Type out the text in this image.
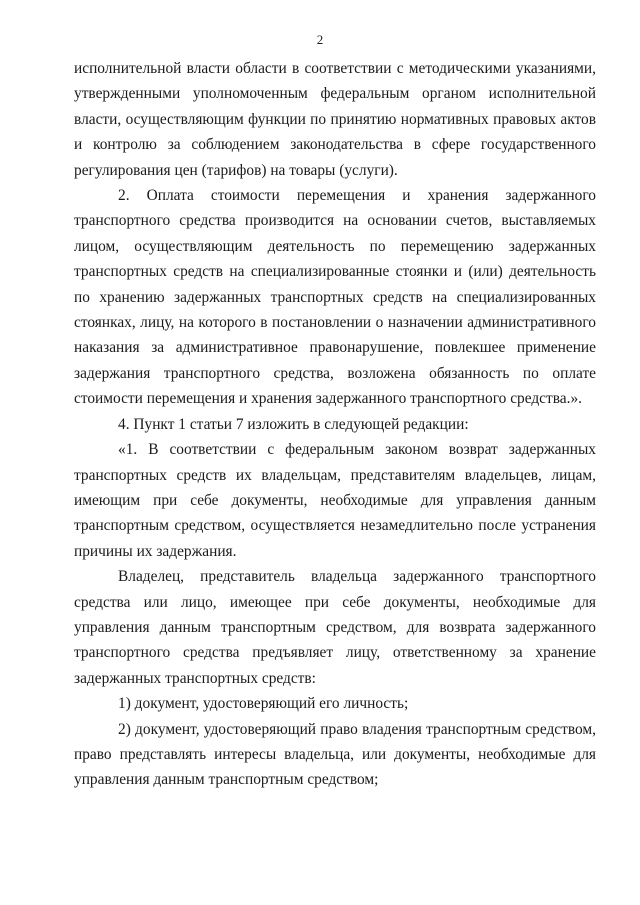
2

исполнительной власти области в соответствии с методическими указаниями, утвержденными уполномоченным федеральным органом исполнительной власти, осуществляющим функции по принятию нормативных правовых актов и контролю за соблюдением законодательства в сфере государственного регулирования цен (тарифов) на товары (услуги).

2. Оплата стоимости перемещения и хранения задержанного транспортного средства производится на основании счетов, выставляемых лицом, осуществляющим деятельность по перемещению задержанных транспортных средств на специализированные стоянки и (или) деятельность по хранению задержанных транспортных средств на специализированных стоянках, лицу, на которого в постановлении о назначении административного наказания за административное правонарушение, повлекшее применение задержания транспортного средства, возложена обязанность по оплате стоимости перемещения и хранения задержанного транспортного средства.».

4. Пункт 1 статьи 7 изложить в следующей редакции:

«1. В соответствии с федеральным законом возврат задержанных транспортных средств их владельцам, представителям владельцев, лицам, имеющим при себе документы, необходимые для управления данным транспортным средством, осуществляется незамедлительно после устранения причины их задержания.

Владелец, представитель владельца задержанного транспортного средства или лицо, имеющее при себе документы, необходимые для управления данным транспортным средством, для возврата задержанного транспортного средства предъявляет лицу, ответственному за хранение задержанных транспортных средств:

1) документ, удостоверяющий его личность;

2) документ, удостоверяющий право владения транспортным средством, право представлять интересы владельца, или документы, необходимые для управления данным транспортным средством;
